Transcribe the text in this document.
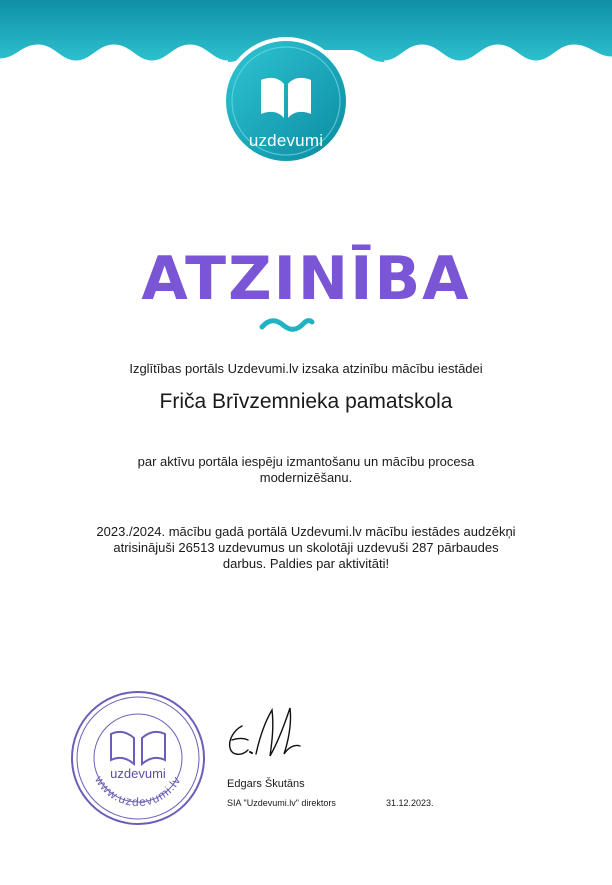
uzdevumi
ATZINĪBA
Izglītības portāls Uzdevumi.lv izsaka atzinību mācību iestādei
Friča Brīvzemnieka pamatskola
par aktīvu portāla iespēju izmantošanu un mācību procesa modernizēšanu.
2023./2024. mācību gadā portālā Uzdevumi.lv mācību iestādes audzēkņi atrisinājuši 26513 uzdevumus un skolotāji uzdevuši 287 pārbaudes darbus. Paldies par aktivitāti!
www.uzdevumi.lv
uzdevumi
Edgars Škutāns
SIA "Uzdevumi.lv" direktors	31.12.2023.
